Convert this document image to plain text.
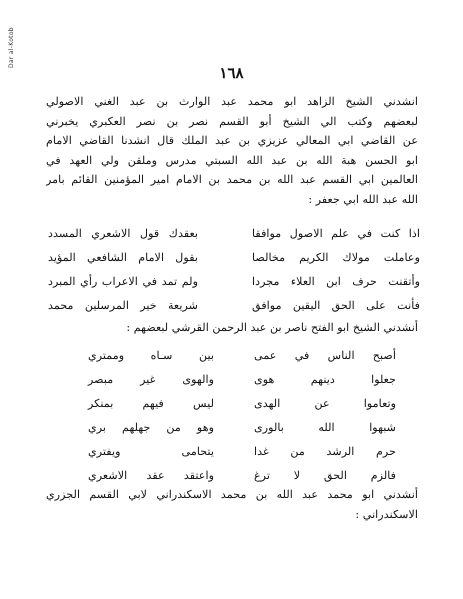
Dar al-Kotob
١٦٨
انشدني الشيخ الزاهد ابو محمد عبد الوارث بن عبد الغني الاصولي
لبعضهم وكتب الي الشيخ أبو القسم نصر بن نصر العكبري يخبرني
عن القاضي ابي المعالي عزيزي بن عبد الملك قال انشدنا القاضي الامام
ابو الحسن هبة الله بن عبد الله السبتي مدرس وملقن ولي العهد في
العالمين ابي القسم عبد الله بن محمد بن الامام امير المؤمنين القائم بامر
الله عبد الله ابي جعفر :
اذا كنت في علم الاصول موافقا
بعقدك قول الاشعري المسدد
وعاملت مولاك الكريم مخالصا
بقول الامام الشافعي المؤيد
وأتقنت حرف ابن العلاء مجردا
ولم تمد في الاعراب رأي المبرد
فأنت على الحق اليقين موافق
شريعة خير المرسلين محمد
أنشدني الشيخ ابو الفتح ناصر بن عبد الرحمن القرشي لبعضهم :
أصبح الناس في عمى
بين سـاه وممتري
جعلوا دينهم هوى
والهوى غير مبصر
وتعاموا عن الهدى
ليس فيهم بمنكر
شبهوا الله بالورى
وهو من جهلهم بري
حرم الرشد من غدا
يتحامى ويفتري
فالزم الحق لا ترغ
واعتقد عقد الاشعري
أنشدني ابو محمد عبد الله بن محمد الاسكندراني لابي القسم الجزري
الاسكندراني :
